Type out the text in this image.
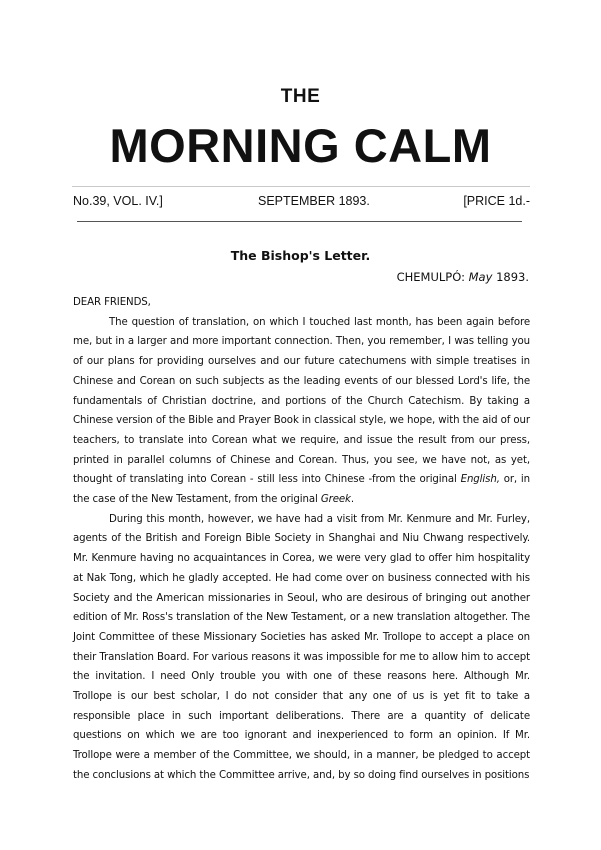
THE
MORNING CALM
No.39, VOL. IV.]	SEPTEMBER 1893.	[PRICE 1d.-
The Bishop's Letter.
CHEMULPÓ: May 1893.

DEAR FRIENDS,

The question of translation, on which I touched last month, has been again before me, but in a larger and more important connection. Then, you remember, I was telling you of our plans for providing ourselves and our future catechumens with simple treatises in Chinese and Corean on such subjects as the leading events of our blessed Lord's life, the fundamentals of Christian doctrine, and portions of the Church Catechism. By taking a Chinese version of the Bible and Prayer Book in classical style, we hope, with the aid of our teachers, to translate into Corean what we require, and issue the result from our press, printed in parallel columns of Chinese and Corean. Thus, you see, we have not, as yet, thought of translating into Corean - still less into Chinese -from the original English, or, in the case of the New Testament, from the original Greek.

During this month, however, we have had a visit from Mr. Kenmure and Mr. Furley, agents of the British and Foreign Bible Society in Shanghai and Niu Chwang respectively. Mr. Kenmure having no acquaintances in Corea, we were very glad to offer him hospitality at Nak Tong, which he gladly accepted. He had come over on business connected with his Society and the American missionaries in Seoul, who are desirous of bringing out another edition of Mr. Ross's translation of the New Testament, or a new translation altogether. The Joint Committee of these Missionary Societies has asked Mr. Trollope to accept a place on their Translation Board. For various reasons it was impossible for me to allow him to accept the invitation. I need Only trouble you with one of these reasons here. Although Mr. Trollope is our best scholar, I do not consider that any one of us is yet fit to take a responsible place in such important deliberations. There are a quantity of delicate questions on which we are too ignorant and inexperienced to form an opinion. If Mr. Trollope were a member of the Committee, we should, in a manner, be pledged to accept the conclusions at which the Committee arrive, and, by so doing find ourselves in positions
